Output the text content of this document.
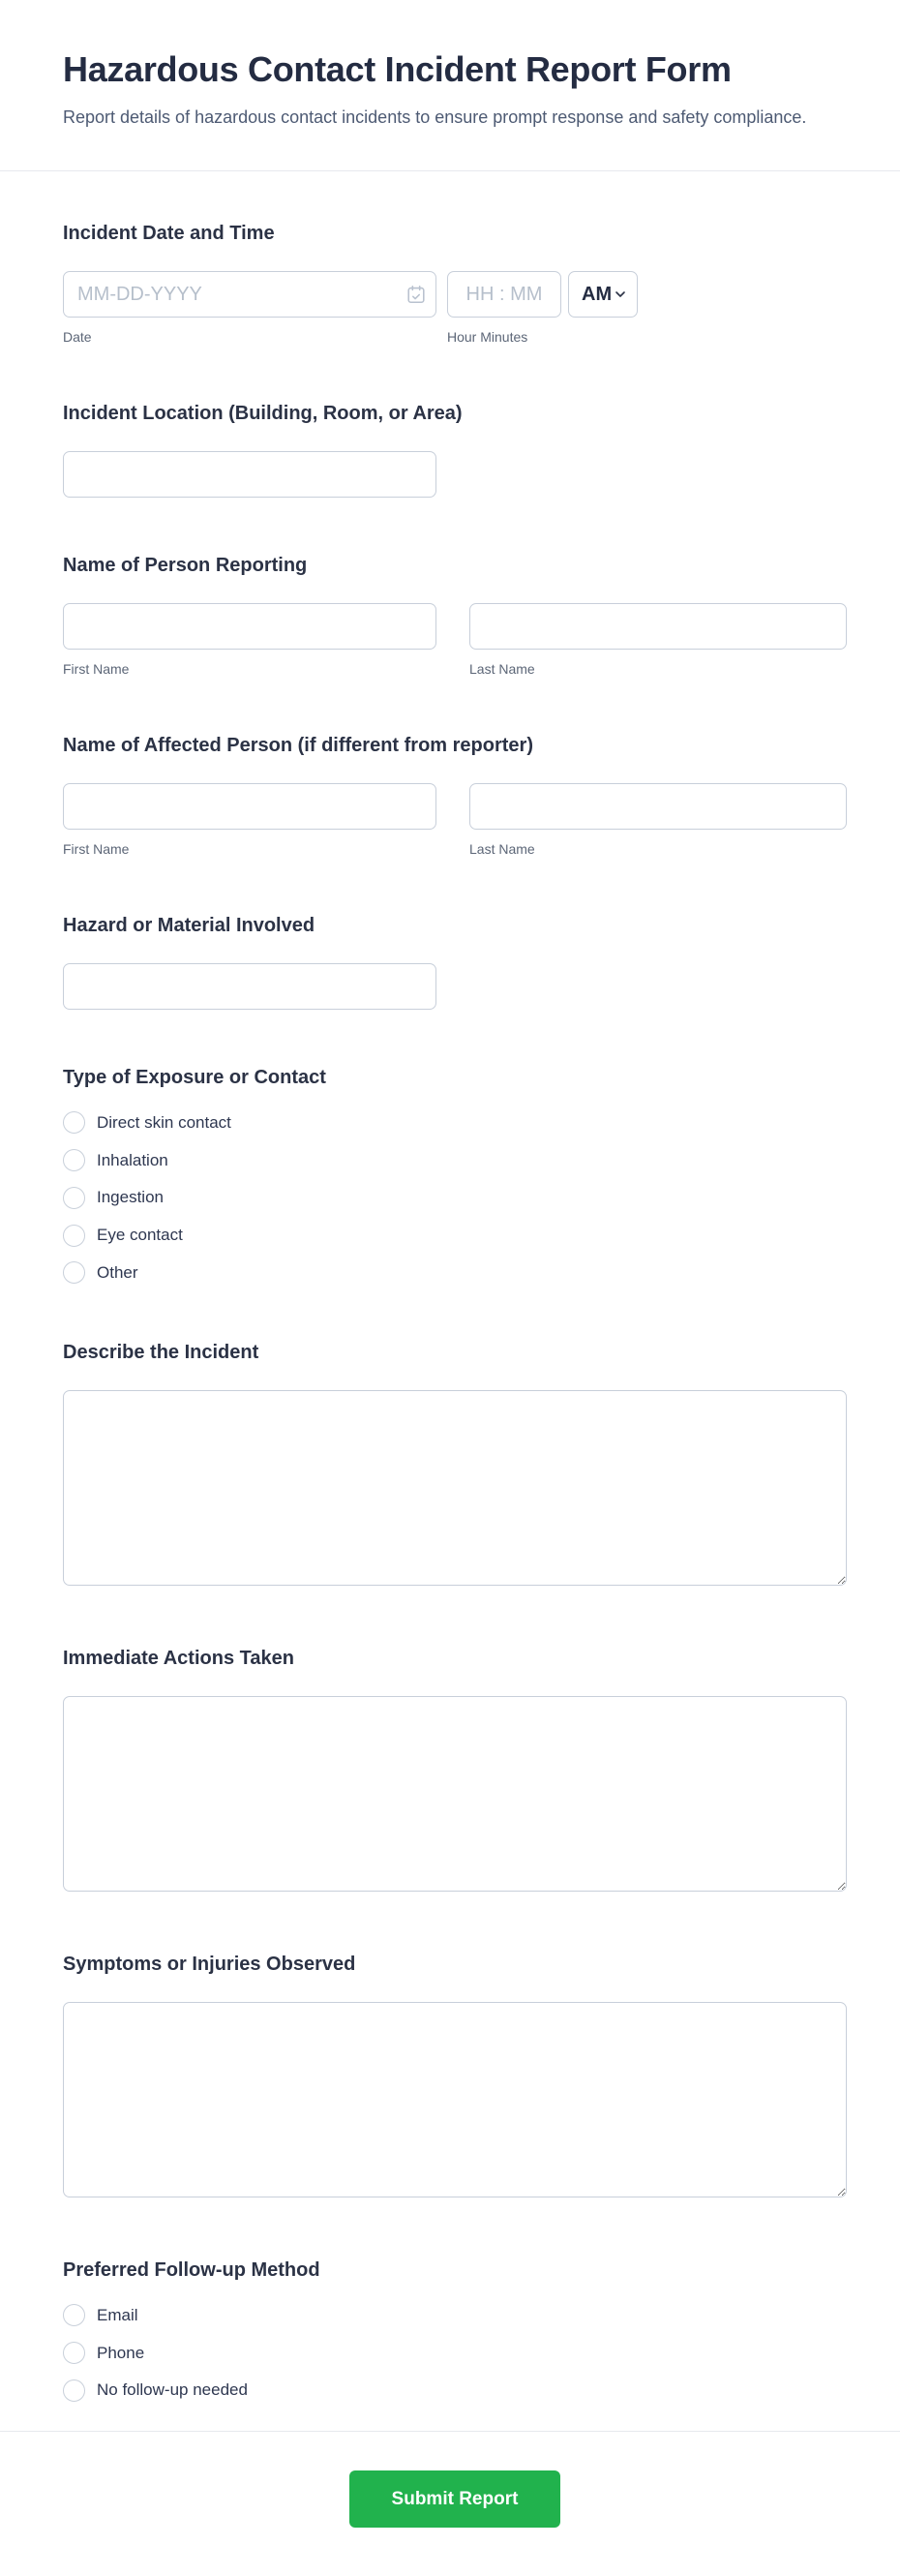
Hazardous Contact Incident Report Form

Report details of hazardous contact incidents to ensure prompt response and safety compliance.

Incident Date and Time
MM-DD-YYYY
HH : MM
AM
Date	Hour Minutes
Incident Location (Building, Room, or Area)
Name of Person Reporting
First Name	Last Name
Name of Affected Person (if different from reporter)
First Name	Last Name
Hazard or Material Involved
Type of Exposure or Contact
Direct skin contact
Inhalation
Ingestion
Eye contact
Other
Describe the Incident
Immediate Actions Taken
Symptoms or Injuries Observed
Preferred Follow-up Method
Email
Phone
No follow-up needed
Submit Report
